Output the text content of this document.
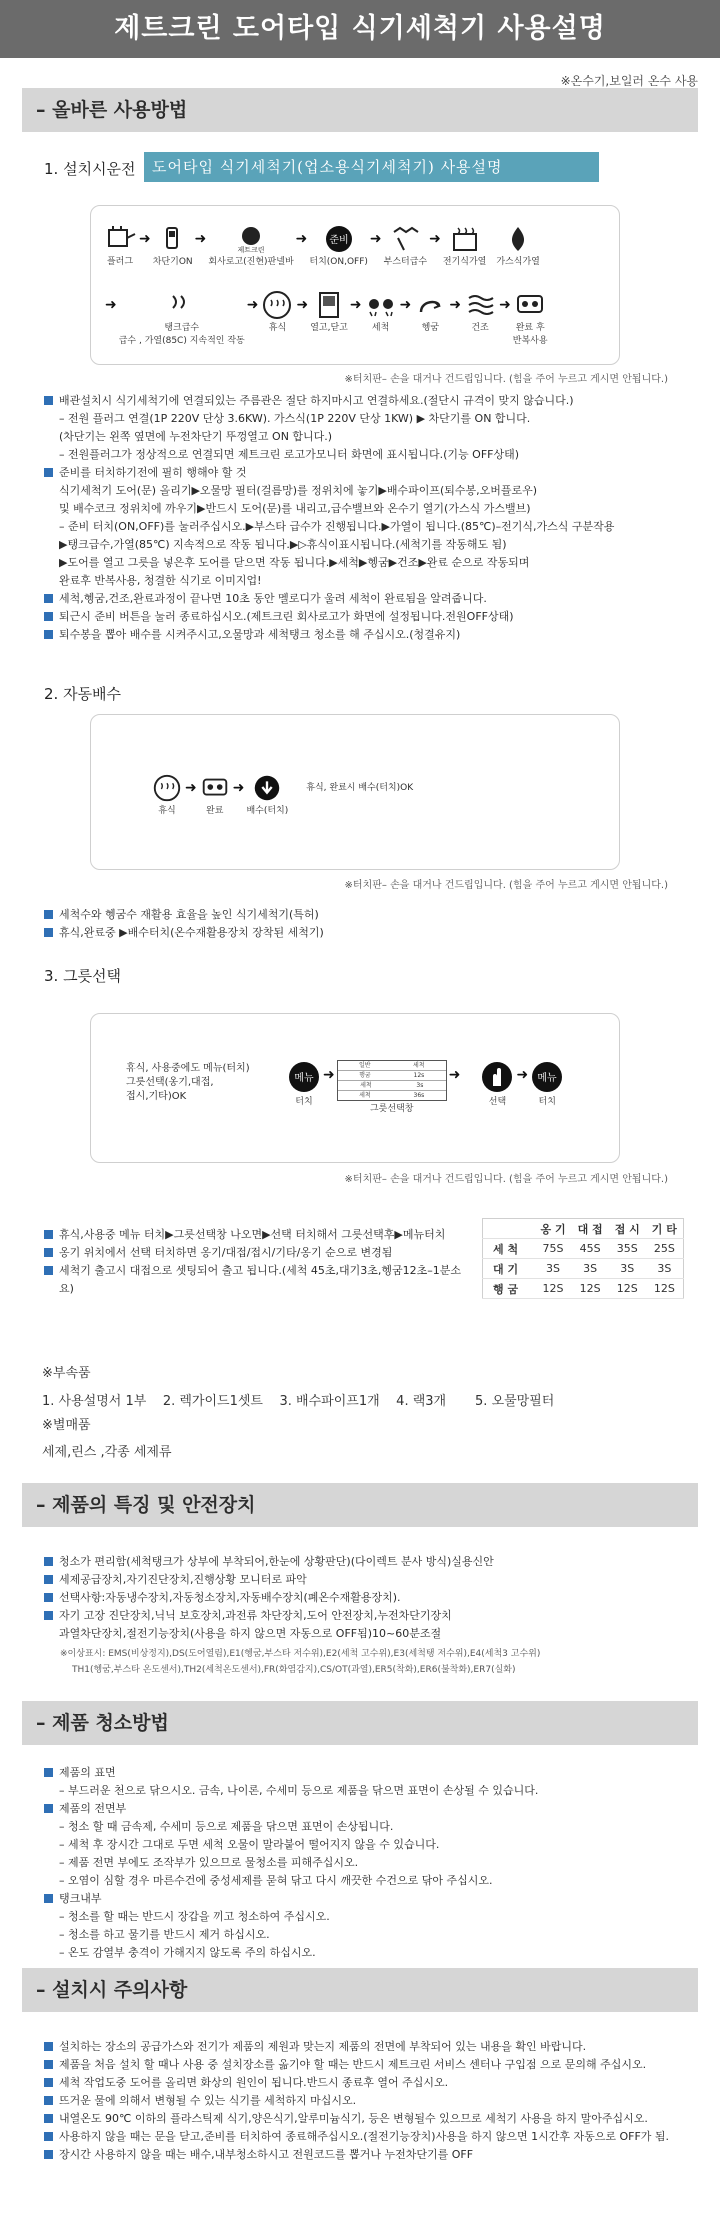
제트크린 도어타입 식기세척기 사용설명
※온수기,보일러 온수 사용
– 올바른 사용방법
1. 설치시운전	도어타입 식기세척기(업소용식기세척기) 사용설명
플러그
➜
차단기ON
➜
제트크린
회사로고(진현)판넬바
➜ 준비
터치(ON,OFF)
➜
부스터급수
➜
전기식가열 가스식가열
➜
탱크급수
급수 , 가열(85C) 지속적인 작동
➜
휴식
➜
열고,닫고
➜
세척
➜
헹굼
➜
건조
➜
완료 후
반복사용
※터치판– 손을 대거나 건드립입니다. (힘을 주어 누르고 게시면 안됩니다.)
배관설치시 식기세척기에 연결되있는 주름관은 절단 하지마시고 연결하세요.(절단시 규격이 맞지 않습니다.)
– 전원 플러그 연결(1P 220V 단상 3.6KW). 가스식(1P 220V 단상 1KW) ▶ 차단기를 ON 합니다.
(차단기는 왼쪽 옆면에 누전차단기 뚜껑열고 ON 합니다.)
– 전원플러그가 정상적으로 연결되면 제트크린 로고가모니터 화면에 표시됩니다.(기능 OFF상태)
준비를 터치하기전에 필히 행해야 할 것
식기세척기 도어(문) 올리기▶오물망 필터(걸름망)를 정위치에 놓기▶배수파이프(퇴수봉,오버플로우)
및 배수코크 정위치에 까우기▶반드시 도어(문)를 내리고,급수밸브와 온수기 열기(가스식 가스밸브)
– 준비 터치(ON,OFF)를 눌러주십시오.▶부스타 급수가 진행됩니다.▶가열이 됩니다.(85℃)–전기식,가스식 구분작용
▶탱크급수,가열(85℃) 지속적으로 작동 됩니다.▶▷휴식이표시됩니다.(세척기를 작동해도 됨)
▶도어를 열고 그릇을 넣은후 도어를 닫으면 작동 됩니다.▶세척▶헹굼▶건조▶완료 순으로 작동되며
완료후 반복사용, 청결한 식기로 이미지업!
세척,헹굼,건조,완료과정이 끝나면 10초 동안 멜로디가 울려 세척이 완료됨을 알려줍니다.
퇴근시 준비 버튼을 눌러 종료하십시오.(제트크린 회사로고가 화면에 설정됩니다.전원OFF상태)
퇴수봉을 뽑아 배수를 시켜주시고,오물망과 세척탱크 청소를 해 주십시오.(청결유지)
2. 자동배수
휴식
➜
완료
➜
배수(터치)
휴식, 완료시 배수(터치)OK
※터치판– 손을 대거나 건드립입니다. (힘을 주어 누르고 게시면 안됩니다.)
세척수와 헹굼수 재활용 효율을 높인 식기세척기(특허)
휴식,완료중 ▶배수터치(온수재활용장치 장착된 세척기)
3. 그릇선택
휴식, 사용중에도 메뉴(터치)
그릇선택(옹기,대접,
접시,기타)OK
메뉴
터치
➜
일반	세척
행굼	12s
세척	3s
세척	36s
그릇선택창
➜
선택
➜ 메뉴
터치
※터치판– 손을 대거나 건드립입니다. (힘을 주어 누르고 게시면 안됩니다.)
휴식,사용중 메뉴 터치▶그릇선택창 나오면▶선택 터치해서 그릇선택후▶메뉴터치
옹기 위치에서 선택 터치하면 옹기/대접/접시/기타/옹기 순으로 변경됨
세척기 출고시 대접으로 셋팅되어 출고 됩니다.(세척 45초,대기3초,헹굼12초–1분소요)
	옹 기	대 접	접 시	기 타
세 척	75S	45S	35S	25S
대 기	3S	3S	3S	3S
행 굼	12S	12S	12S	12S
※부속품
1. 사용설명서 1부    2. 렉가이드1셋트    3. 배수파이프1개    4. 랙3개       5. 오물망필터
※별매품
세제,린스 ,각종 세제류
– 제품의 특징 및 안전장치
청소가 편리함(세척탱크가 상부에 부착되어,한눈에 상황판단)(다이렉트 분사 방식)실용신안
세제공급장치,자기진단장치,진행상황 모니터로 파악
선택사항:자동냉수장치,자동청소장치,자동배수장치(폐온수재활용장치).
자기 고장 진단장치,닉닉 보호장치,과전류 차단장치,도어 안전장치,누전차단기장치
과열차단장치,절전기능장치(사용을 하지 않으면 자동으로 OFF됨)10~60분조절
※이상표시: EMS(비상정지),DS(도어열림),E1(헹굼,부스타 저수위),E2(세척 고수위),E3(세척탱 저수위),E4(세척3 고수위)
TH1(헹굼,부스타 온도센서),TH2(세척온도센서),FR(화염감지),CS/OT(과열),ER5(착화),ER6(불착화),ER7(실화)
– 제품 청소방법
제품의 표면
– 부드러운 천으로 닦으시오. 금속, 나이론, 수세미 등으로 제품을 닦으면 표면이 손상될 수 있습니다.
제품의 전면부
– 청소 할 때 금속제, 수세미 등으로 제품을 닦으면 표면이 손상됩니다.
– 세척 후 장시간 그대로 두면 세척 오물이 말라붙어 떨어지지 않을 수 있습니다.
– 제품 전면 부에도 조작부가 있으므로 물청소를 피해주십시오.
– 오염이 심할 경우 마른수건에 중성세제를 묻혀 닦고 다시 깨끗한 수건으로 닦아 주십시오.
탱크내부
– 청소를 할 때는 반드시 장갑을 끼고 청소하여 주십시오.
– 청소를 하고 물기를 반드시 제거 하십시오.
– 온도 감열부 충격이 가해지지 않도록 주의 하십시오.
– 설치시 주의사항
설치하는 장소의 공급가스와 전기가 제품의 제원과 맞는지 제품의 전면에 부착되어 있는 내용을 확인 바랍니다.
제품을 처음 설치 할 때나 사용 중 설치장소를 옮기야 할 때는 반드시 제트크린 서비스 센터나 구입점 으로 문의해 주십시오.
세척 작업도중 도어를 올리면 화상의 원인이 됩니다.반드시 종료후 열어 주십시오.
뜨거운 물에 의해서 변형될 수 있는 식기를 세척하지 마십시오.
내열온도 90℃ 이하의 플라스틱제 식기,양은식기,알루미늄식기, 등은 변형될수 있으므로 세척기 사용을 하지 말아주십시오.
사용하지 않을 때는 문을 닫고,준비를 터치하여 종료해주십시오.(절전기능장치)사용을 하지 않으면 1시간후 자동으로 OFF가 됨.
장시간 사용하지 않을 때는 배수,내부청소하시고 전원코드를 뽑거나 누전차단기를 OFF
